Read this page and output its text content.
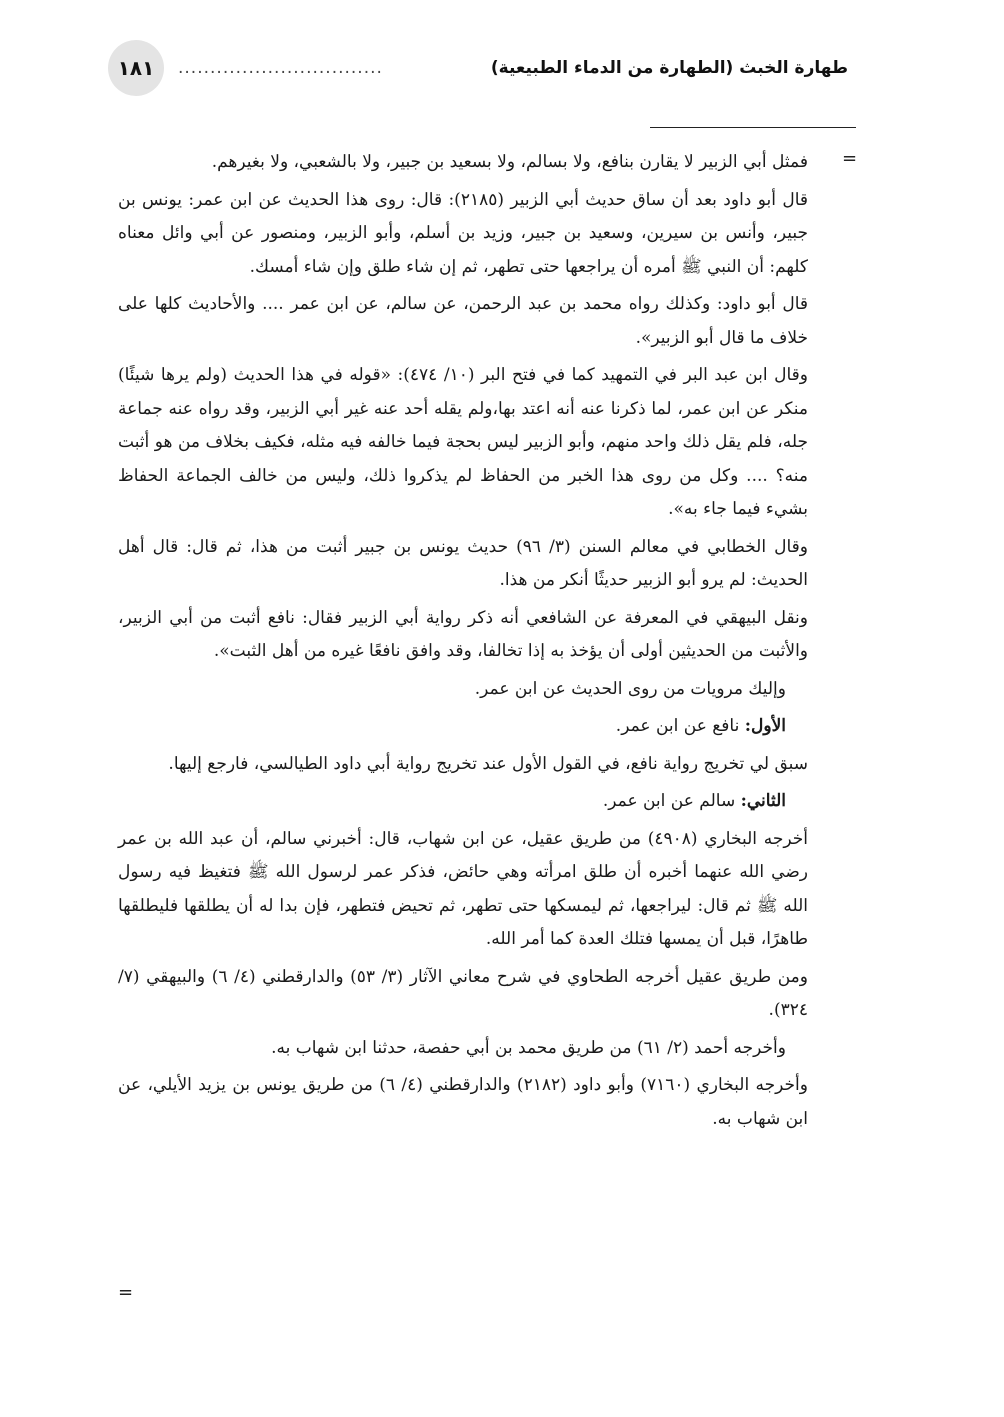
١٨١	................................	طهارة الخبث (الطهارة من الدماء الطبيعية)
=
=

فمثل أبي الزبير لا يقارن بنافع، ولا بسالم، ولا بسعيد بن جبير، ولا بالشعبي، ولا بغيرهم.

قال أبو داود بعد أن ساق حديث أبي الزبير (٢١٨٥): قال: روى هذا الحديث عن ابن عمر: يونس بن جبير، وأنس بن سيرين، وسعيد بن جبير، وزيد بن أسلم، وأبو الزبير، ومنصور عن أبي وائل معناه كلهم: أن النبي ﷺ أمره أن يراجعها حتى تطهر، ثم إن شاء طلق وإن شاء أمسك.

قال أبو داود: وكذلك رواه محمد بن عبد الرحمن، عن سالم، عن ابن عمر .... والأحاديث كلها على خلاف ما قال أبو الزبير».

وقال ابن عبد البر في التمهيد كما في فتح البر (١٠/ ٤٧٤): «قوله في هذا الحديث (ولم يرها شيئًا) منكر عن ابن عمر، لما ذكرنا عنه أنه اعتد بها،ولم يقله أحد عنه غير أبي الزبير، وقد رواه عنه جماعة جله، فلم يقل ذلك واحد منهم، وأبو الزبير ليس بحجة فيما خالفه فيه مثله، فكيف بخلاف من هو أثبت منه؟ .... وكل من روى هذا الخبر من الحفاظ لم يذكروا ذلك، وليس من خالف الجماعة الحفاظ بشيء فيما جاء به».

وقال الخطابي في معالم السنن (٣/ ٩٦) حديث يونس بن جبير أثبت من هذا، ثم قال: قال أهل الحديث: لم يرو أبو الزبير حديثًا أنكر من هذا.

ونقل البيهقي في المعرفة عن الشافعي أنه ذكر رواية أبي الزبير فقال: نافع أثبت من أبي الزبير، والأثبت من الحديثين أولى أن يؤخذ به إذا تخالفا، وقد وافق نافعًا غيره من أهل الثبت».

وإليك مرويات من روى الحديث عن ابن عمر.

الأول: نافع عن ابن عمر.

سبق لي تخريج رواية نافع، في القول الأول عند تخريج رواية أبي داود الطيالسي، فارجع إليها.

الثاني: سالم عن ابن عمر.

أخرجه البخاري (٤٩٠٨) من طريق عقيل، عن ابن شهاب، قال: أخبرني سالم، أن عبد الله بن عمر رضي الله عنهما أخبره أن طلق امرأته وهي حائض، فذكر عمر لرسول الله ﷺ فتغيظ فيه رسول الله ﷺ ثم قال: ليراجعها، ثم ليمسكها حتى تطهر، ثم تحيض فتطهر، فإن بدا له أن يطلقها فليطلقها طاهرًا، قبل أن يمسها فتلك العدة كما أمر الله.

ومن طريق عقيل أخرجه الطحاوي في شرح معاني الآثار (٣/ ٥٣) والدارقطني (٤/ ٦) والبيهقي (٧/ ٣٢٤).

وأخرجه أحمد (٢/ ٦١) من طريق محمد بن أبي حفصة، حدثنا ابن شهاب به.

وأخرجه البخاري (٧١٦٠) وأبو داود (٢١٨٢) والدارقطني (٤/ ٦) من طريق يونس بن يزيد الأيلي، عن ابن شهاب به.
